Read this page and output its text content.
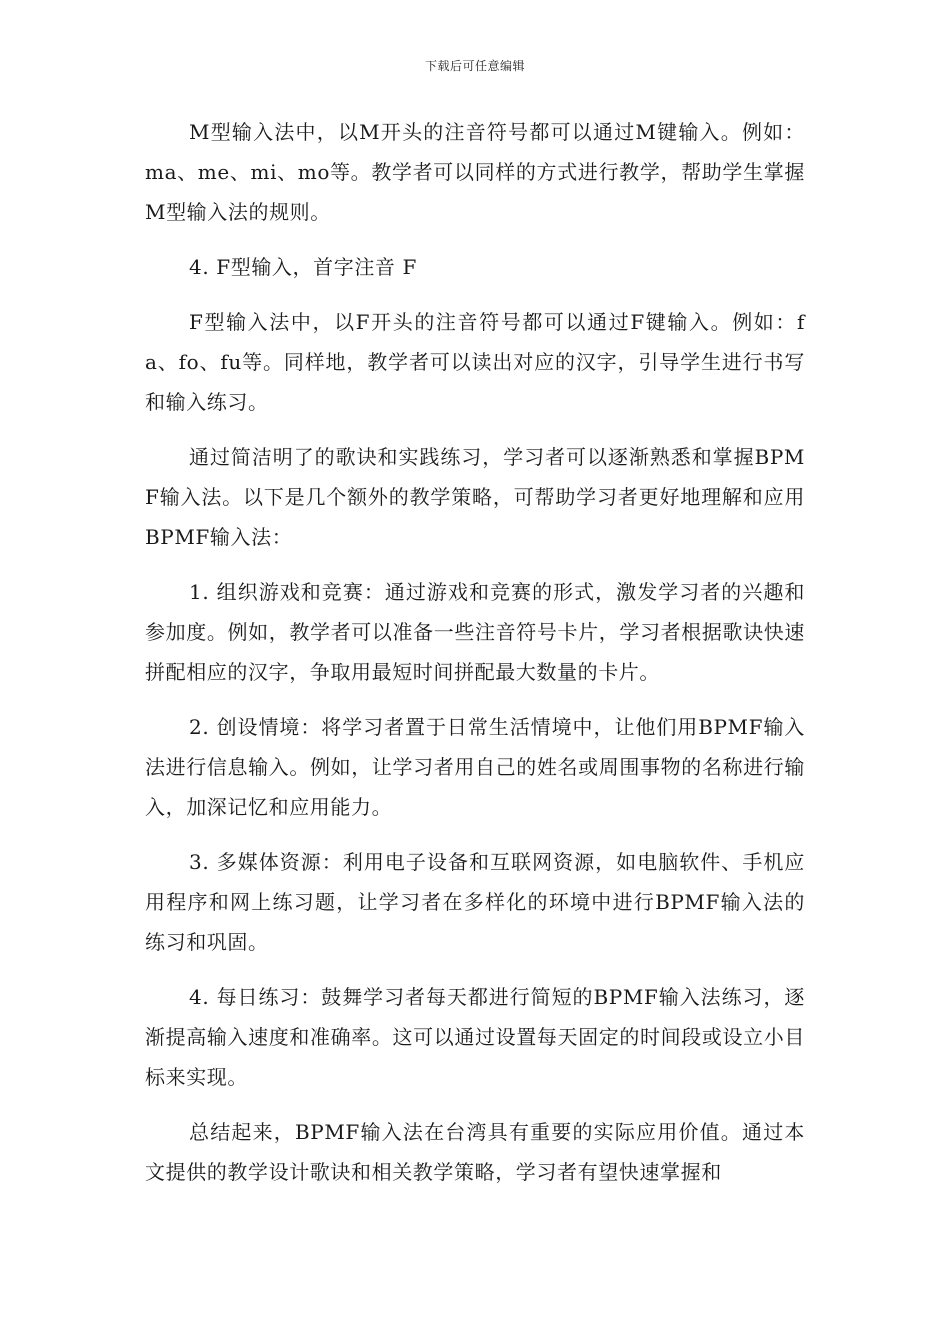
下载后可任意编辑

M型输入法中，以M开头的注音符号都可以通过M键输入。例如：ma、me、mi、mo等。教学者可以同样的方式进行教学，帮助学生掌握M型输入法的规则。

4. F型输入，首字注音 F

F型输入法中，以F开头的注音符号都可以通过F键输入。例如：fa、fo、fu等。同样地，教学者可以读出对应的汉字，引导学生进行书写和输入练习。

通过简洁明了的歌诀和实践练习，学习者可以逐渐熟悉和掌握BPMF输入法。以下是几个额外的教学策略，可帮助学习者更好地理解和应用BPMF输入法：

1. 组织游戏和竞赛：通过游戏和竞赛的形式，激发学习者的兴趣和参加度。例如，教学者可以准备一些注音符号卡片，学习者根据歌诀快速拼配相应的汉字，争取用最短时间拼配最大数量的卡片。

2. 创设情境：将学习者置于日常生活情境中，让他们用BPMF输入法进行信息输入。例如，让学习者用自己的姓名或周围事物的名称进行输入，加深记忆和应用能力。

3. 多媒体资源：利用电子设备和互联网资源，如电脑软件、手机应用程序和网上练习题，让学习者在多样化的环境中进行BPMF输入法的练习和巩固。

4. 每日练习：鼓舞学习者每天都进行简短的BPMF输入法练习，逐渐提高输入速度和准确率。这可以通过设置每天固定的时间段或设立小目标来实现。

总结起来，BPMF输入法在台湾具有重要的实际应用价值。通过本文提供的教学设计歌诀和相关教学策略，学习者有望快速掌握和
